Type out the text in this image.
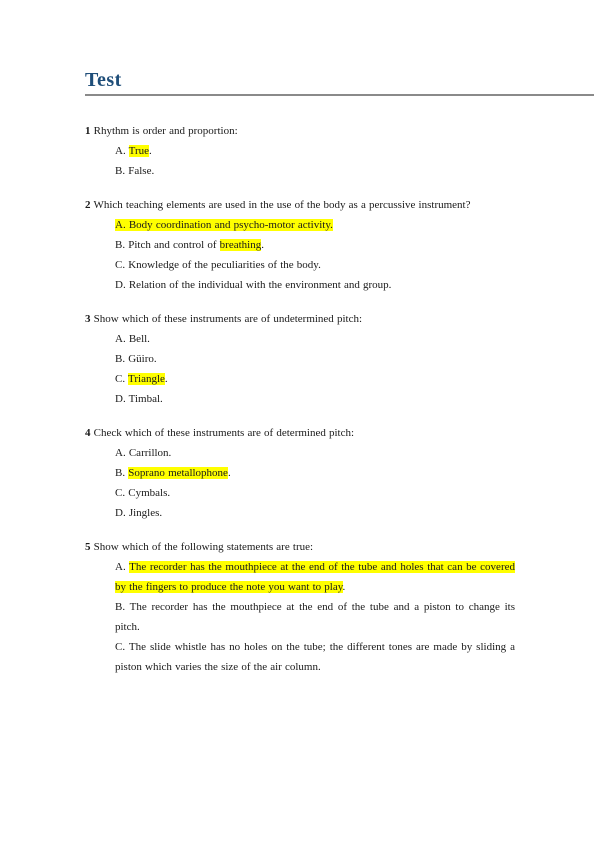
Test

1 Rhythm is order and proportion:

A. True.

B. False.

2 Which teaching elements are used in the use of the body as a percussive instrument?

A. Body coordination and psycho-motor activity.

B. Pitch and control of breathing.

C. Knowledge of the peculiarities of the body.

D. Relation of the individual with the environment and group.

3 Show which of these instruments are of undetermined pitch:

A. Bell.

B. Güiro.

C. Triangle.

D. Timbal.

4 Check which of these instruments are of determined pitch:

A. Carrillon.

B. Soprano metallophone.

C. Cymbals.

D. Jingles.

5 Show which of the following statements are true:

A. The recorder has the mouthpiece at the end of the tube and holes that can be covered by the fingers to produce the note you want to play.

B. The recorder has the mouthpiece at the end of the tube and a piston to change its pitch.

C. The slide whistle has no holes on the tube; the different tones are made by sliding a piston which varies the size of the air column.
